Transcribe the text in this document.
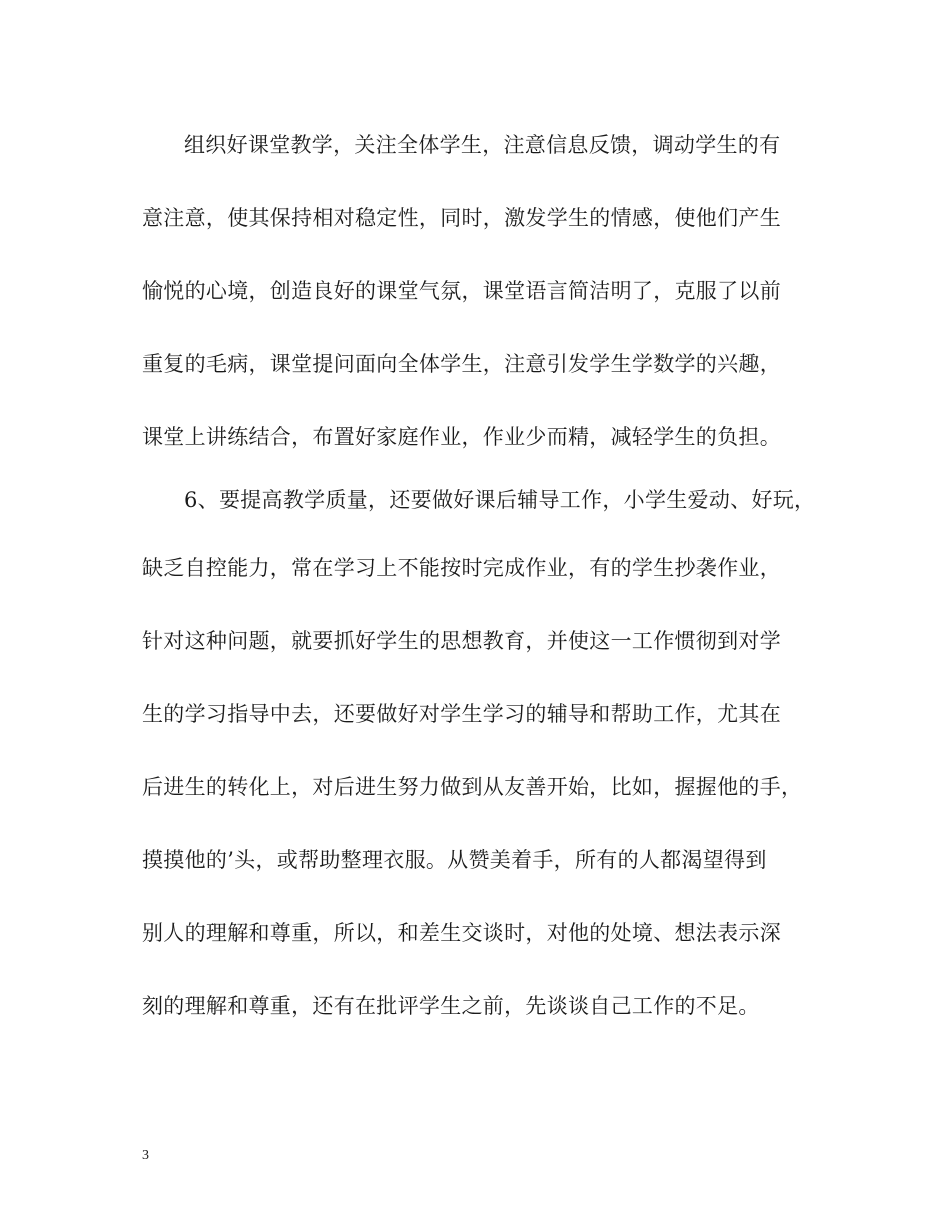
组织好课堂教学，关注全体学生，注意信息反馈，调动学生的有
意注意，使其保持相对稳定性，同时，激发学生的情感，使他们产生
愉悦的心境，创造良好的课堂气氛，课堂语言简洁明了，克服了以前
重复的毛病，课堂提问面向全体学生，注意引发学生学数学的兴趣，
课堂上讲练结合，布置好家庭作业，作业少而精，减轻学生的负担。
6、要提高教学质量，还要做好课后辅导工作，小学生爱动、好玩，
缺乏自控能力，常在学习上不能按时完成作业，有的学生抄袭作业，
针对这种问题，就要抓好学生的思想教育，并使这一工作惯彻到对学
生的学习指导中去，还要做好对学生学习的辅导和帮助工作，尤其在
后进生的转化上，对后进生努力做到从友善开始，比如，握握他的手，
摸摸他的’头，或帮助整理衣服。从赞美着手，所有的人都渴望得到
别人的理解和尊重，所以，和差生交谈时，对他的处境、想法表示深
刻的理解和尊重，还有在批评学生之前，先谈谈自己工作的不足。
3
